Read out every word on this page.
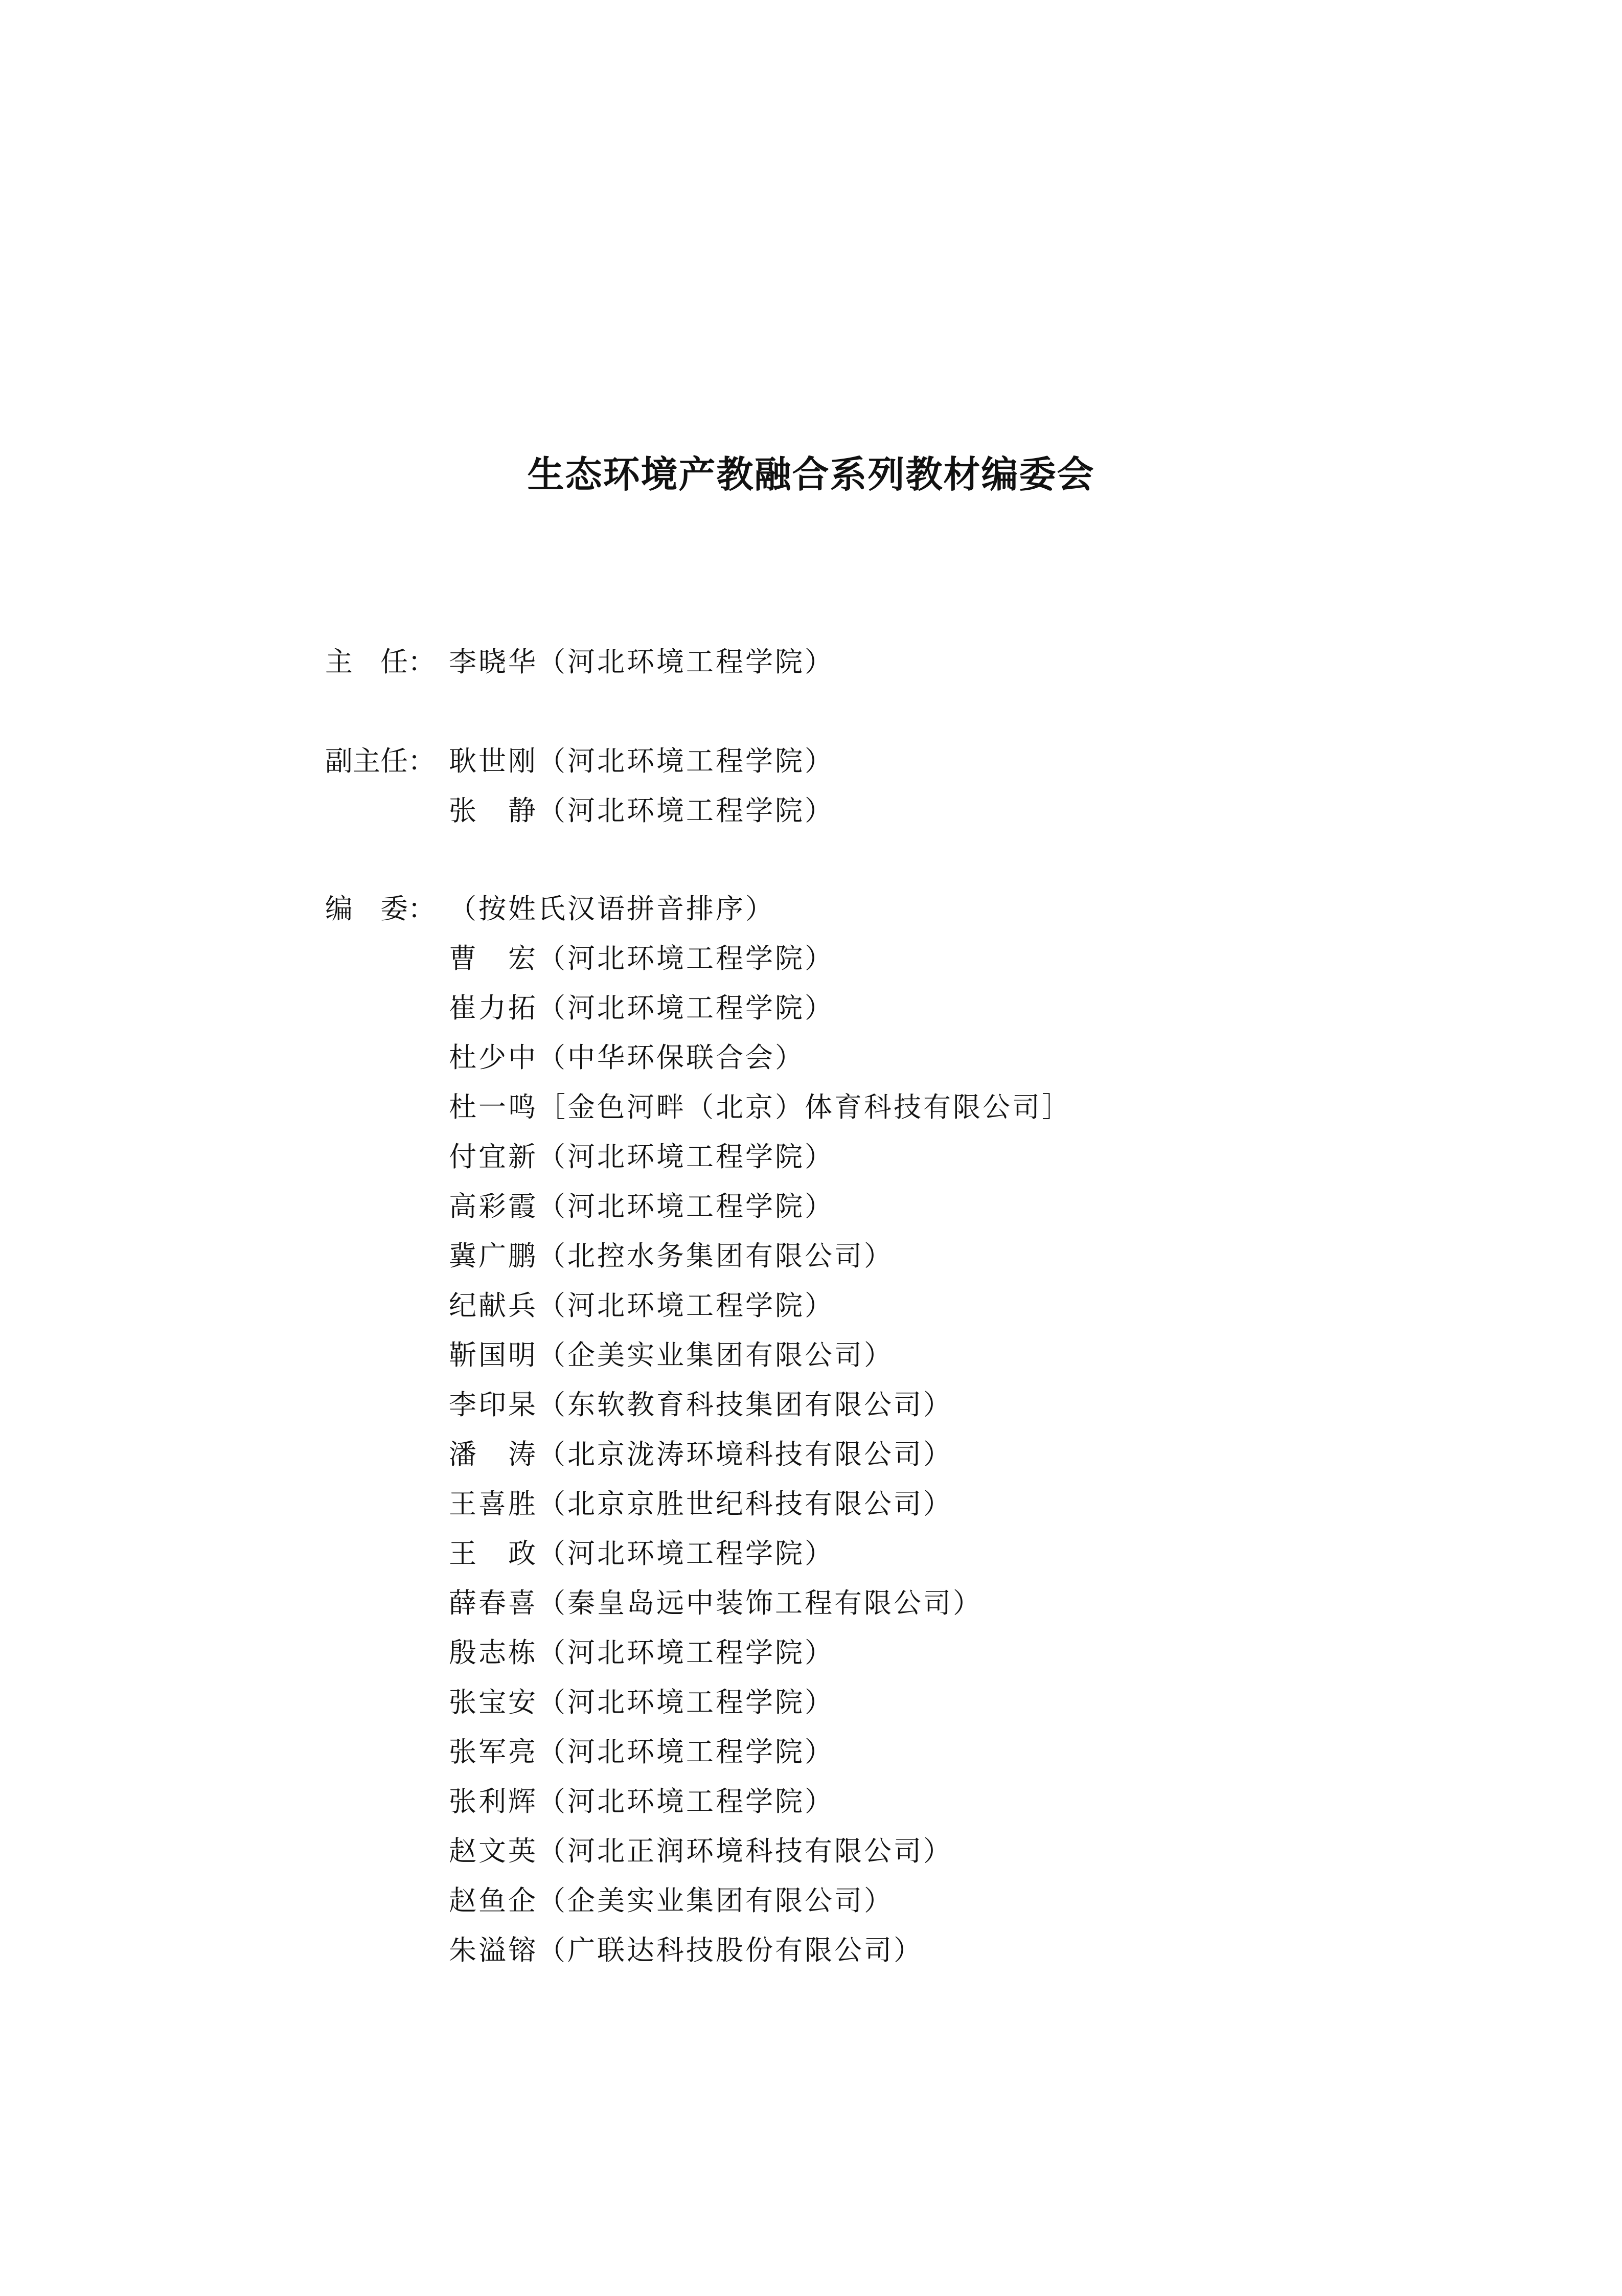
生态环境产教融合系列教材编委会
主　任： 李晓华（河北环境工程学院）
副主任： 耿世刚（河北环境工程学院）
张　静（河北环境工程学院）
编　委： （按姓氏汉语拼音排序）
曹　宏（河北环境工程学院）
崔力拓（河北环境工程学院）
杜少中（中华环保联合会）
杜一鸣［金色河畔（北京）体育科技有限公司］
付宜新（河北环境工程学院）
高彩霞（河北环境工程学院）
冀广鹏（北控水务集团有限公司）
纪献兵（河北环境工程学院）
靳国明（企美实业集团有限公司）
李印杲（东软教育科技集团有限公司）
潘　涛（北京泷涛环境科技有限公司）
王喜胜（北京京胜世纪科技有限公司）
王　政（河北环境工程学院）
薛春喜（秦皇岛远中装饰工程有限公司）
殷志栋（河北环境工程学院）
张宝安（河北环境工程学院）
张军亮（河北环境工程学院）
张利辉（河北环境工程学院）
赵文英（河北正润环境科技有限公司）
赵鱼企（企美实业集团有限公司）
朱溢镕（广联达科技股份有限公司）
